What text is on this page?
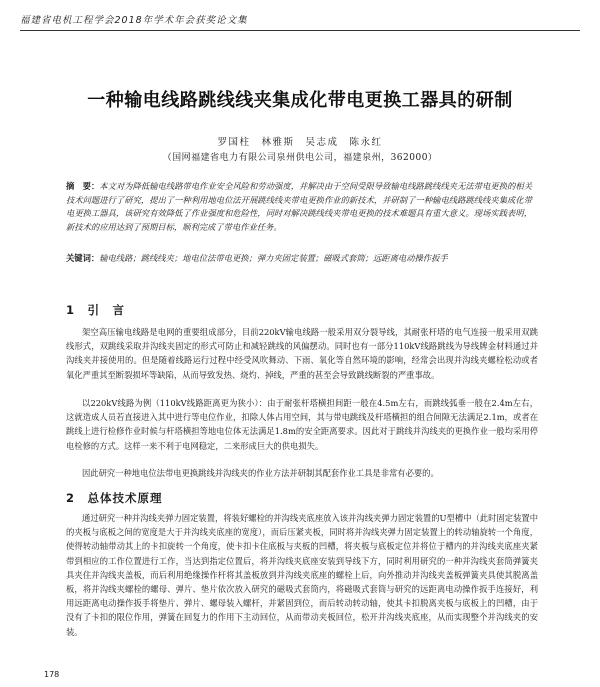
福建省电机工程学会2018年学术年会获奖论文集
一种输电线路跳线线夹集成化带电更换工器具的研制
罗国柱　林雅斯　吴志成　陈永红
（国网福建省电力有限公司泉州供电公司，福建泉州，362000）
摘　要：本文对为降低输电线路带电作业安全风险和劳动强度，并解决由于空间受限导致输电线路跳线线夹无法带电更换的相关技术问题进行了研究，提出了一种利用地电位法开展跳线线夹带电更换作业的新技术，并研制了一种输电线路跳线线夹集成化带电更换工器具，该研究有效降低了作业强度和危险性，同时对解决跳线线夹带电更换的技术难题具有重大意义。现场实践表明，新技术的应用达到了预期目标，顺利完成了带电作业任务。
关键词：输电线路；跳线线夹；地电位法带电更换；弹力夹固定装置；磁吸式套筒；远距离电动操作扳手
1　引　言
架空高压输电线路是电网的重要组成部分，目前220kV输电线路一般采用双分裂导线，其耐张杆塔的电气连接一般采用双跳线形式，双跳线采取并沟线夹固定的形式可防止和减轻跳线的风偏摆动。同时也有一部分110kV线路跳线为导线牌金材料通过并沟线夹并接使用的。但是随着线路运行过程中经受风吹舞动、下雨、氧化等自然环境的影响，经常会出现并沟线夹螺栓松动或者氧化严重其至断裂损坏等缺陷，从而导致发热、烧灼、掉线，严重的甚至会导致跳线断裂的严重事故。
以220kV线路为例（110kV线路距离更为狭小）：由于耐张杆塔横担间距一般在4.5m左右，而跳线弧垂一般在2.4m左右，这就造成人员若直接进入其中进行等电位作业，扣除人体占用空间，其与带电跳线及杆塔横担的组合间隙无法满足2.1m，或者在跳线上进行检修作业时候与杆塔横担等地电位体无法满足1.8m的安全距离要求。因此对于跳线并沟线夹的更换作业一般均采用停电检修的方式。这样一来不利于电网稳定，二来形成巨大的供电损失。
因此研究一种地电位法带电更换跳线并沟线夹的作业方法并研制其配套作业工具是非常有必要的。
2　总体技术原理
通过研究一种并沟线夹弹力固定装置，将装好螺栓的并沟线夹底座放入该并沟线夹弹力固定装置的U型槽中（此时固定装置中的夹板与底板之间的宽度是大于并沟线夹底座的宽度），而后压紧夹板，同时将并沟线夹弹力固定装置上的转动轴旋转一个角度，使得转动轴带动其上的卡扣旋转一个角度，使卡扣卡住底板与夹板的凹槽，将夹板与底板定位并将位于槽内的并沟线夹底座夹紧带到相应的工作位置进行工作，当达到指定位置后，将并沟线夹底座安装到导线下方，同时利用研究的一种并沟线夹套筒弹簧夹具夹住并沟线夹盖板，而后利用绝缘操作杆将其盖板放到并沟线夹底座的螺栓上后，向外推动并沟线夹盖板弹簧夹具使其脱离盖板，将并沟线夹螺栓的螺母、弹片、垫片依次放入研究的磁吸式套筒内，将磁吸式套筒与研究的远距离电动操作扳手连接好，利用远距离电动操作扳手将垫片、弹片、螺母装入螺杆，并紧固到位，而后转动转动轴，使其卡扣脱离夹板与底板上的凹槽，由于没有了卡扣的限位作用，弹簧在回复力的作用下主动回位，从而带动夹板回位，松开并沟线夹底座，从而实现整个并沟线夹的安装。
178
